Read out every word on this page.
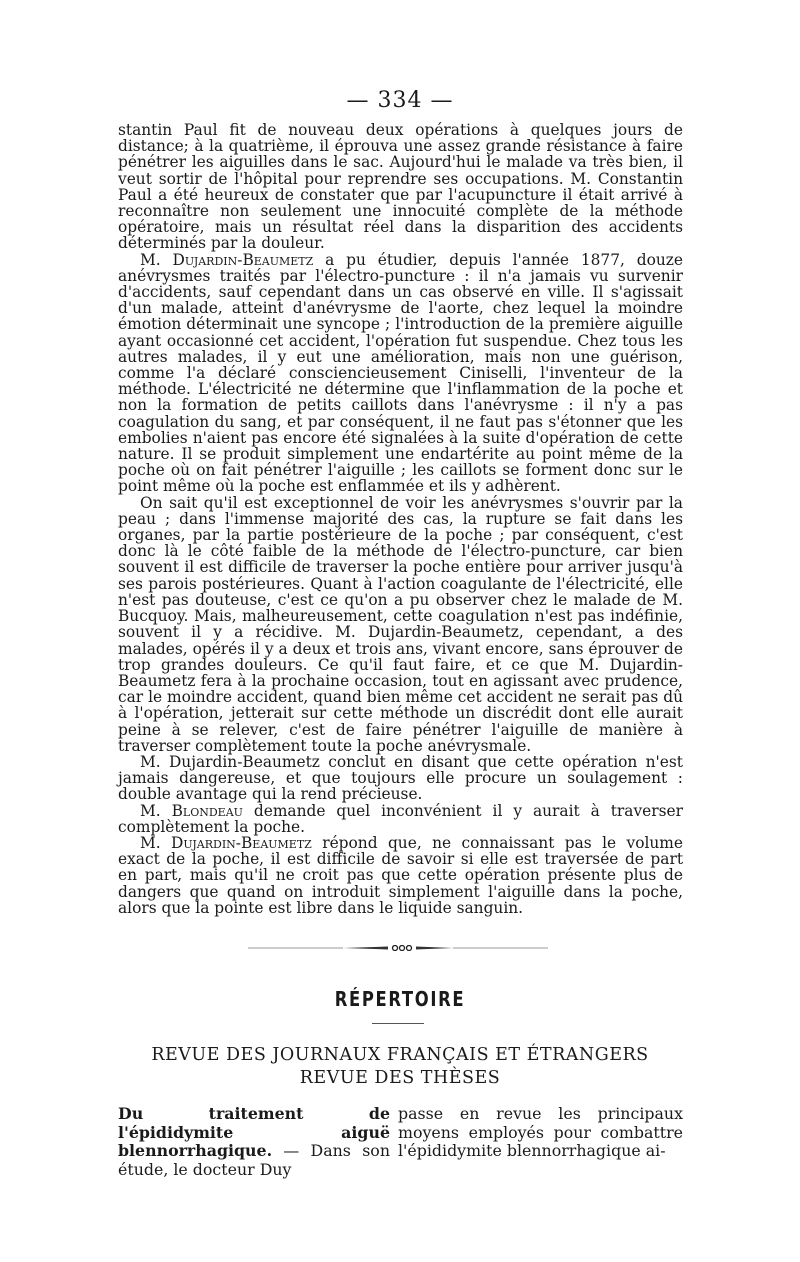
— 334 —

stantin Paul fit de nouveau deux opérations à quelques jours de distance; à la quatrième, il éprouva une assez grande résistance à faire pénétrer les aiguilles dans le sac. Aujourd'hui le malade va très bien, il veut sortir de l'hôpital pour reprendre ses occupations. M. Constantin Paul a été heureux de constater que par l'acupuncture il était arrivé à reconnaître non seulement une innocuité complète de la méthode opératoire, mais un résultat réel dans la disparition des accidents déterminés par la douleur.

M. Dujardin-Beaumetz a pu étudier, depuis l'année 1877, douze anévrysmes traités par l'électro-puncture : il n'a jamais vu survenir d'accidents, sauf cependant dans un cas observé en ville. Il s'agissait d'un malade, atteint d'anévrysme de l'aorte, chez lequel la moindre émotion déterminait une syncope ; l'introduction de la première aiguille ayant occasionné cet accident, l'opération fut suspendue. Chez tous les autres malades, il y eut une amélioration, mais non une guérison, comme l'a déclaré consciencieusement Ciniselli, l'inventeur de la méthode. L'électricité ne détermine que l'inflammation de la poche et non la formation de petits caillots dans l'anévrysme : il n'y a pas coagulation du sang, et par conséquent, il ne faut pas s'étonner que les embolies n'aient pas encore été signalées à la suite d'opération de cette nature. Il se produit simplement une endartérite au point même de la poche où on fait pénétrer l'aiguille ; les caillots se forment donc sur le point même où la poche est enflammée et ils y adhèrent.

On sait qu'il est exceptionnel de voir les anévrysmes s'ouvrir par la peau ; dans l'immense majorité des cas, la rupture se fait dans les organes, par la partie postérieure de la poche ; par conséquent, c'est donc là le côté faible de la méthode de l'électro-puncture, car bien souvent il est difficile de traverser la poche entière pour arriver jusqu'à ses parois postérieures. Quant à l'action coagulante de l'électricité, elle n'est pas douteuse, c'est ce qu'on a pu observer chez le malade de M. Bucquoy. Mais, malheureusement, cette coagulation n'est pas indéfinie, souvent il y a récidive. M. Dujardin-Beaumetz, cependant, a des malades, opérés il y a deux et trois ans, vivant encore, sans éprouver de trop grandes douleurs. Ce qu'il faut faire, et ce que M. Dujardin-Beaumetz fera à la prochaine occasion, tout en agissant avec prudence, car le moindre accident, quand bien même cet accident ne serait pas dû à l'opération, jetterait sur cette méthode un discrédit dont elle aurait peine à se relever, c'est de faire pénétrer l'aiguille de manière à traverser complètement toute la poche anévrysmale.

M. Dujardin-Beaumetz conclut en disant que cette opération n'est jamais dangereuse, et que toujours elle procure un soulagement : double avantage qui la rend précieuse.

M. Blondeau demande quel inconvénient il y aurait à traverser complètement la poche.

M. Dujardin-Beaumetz répond que, ne connaissant pas le volume exact de la poche, il est difficile de savoir si elle est traversée de part en part, mais qu'il ne croit pas que cette opération présente plus de dangers que quand on introduit simplement l'aiguille dans la poche, alors que la pointe est libre dans le liquide sanguin.

RÉPERTOIRE
REVUE DES JOURNAUX FRANÇAIS ET ÉTRANGERS
REVUE DES THÈSES
Du traitement de l'épididymite aiguë blennorrhagique. — Dans son étude, le docteur Duy
passe en revue les principaux moyens employés pour combattre l'épididymite blennorrhagique ai-
